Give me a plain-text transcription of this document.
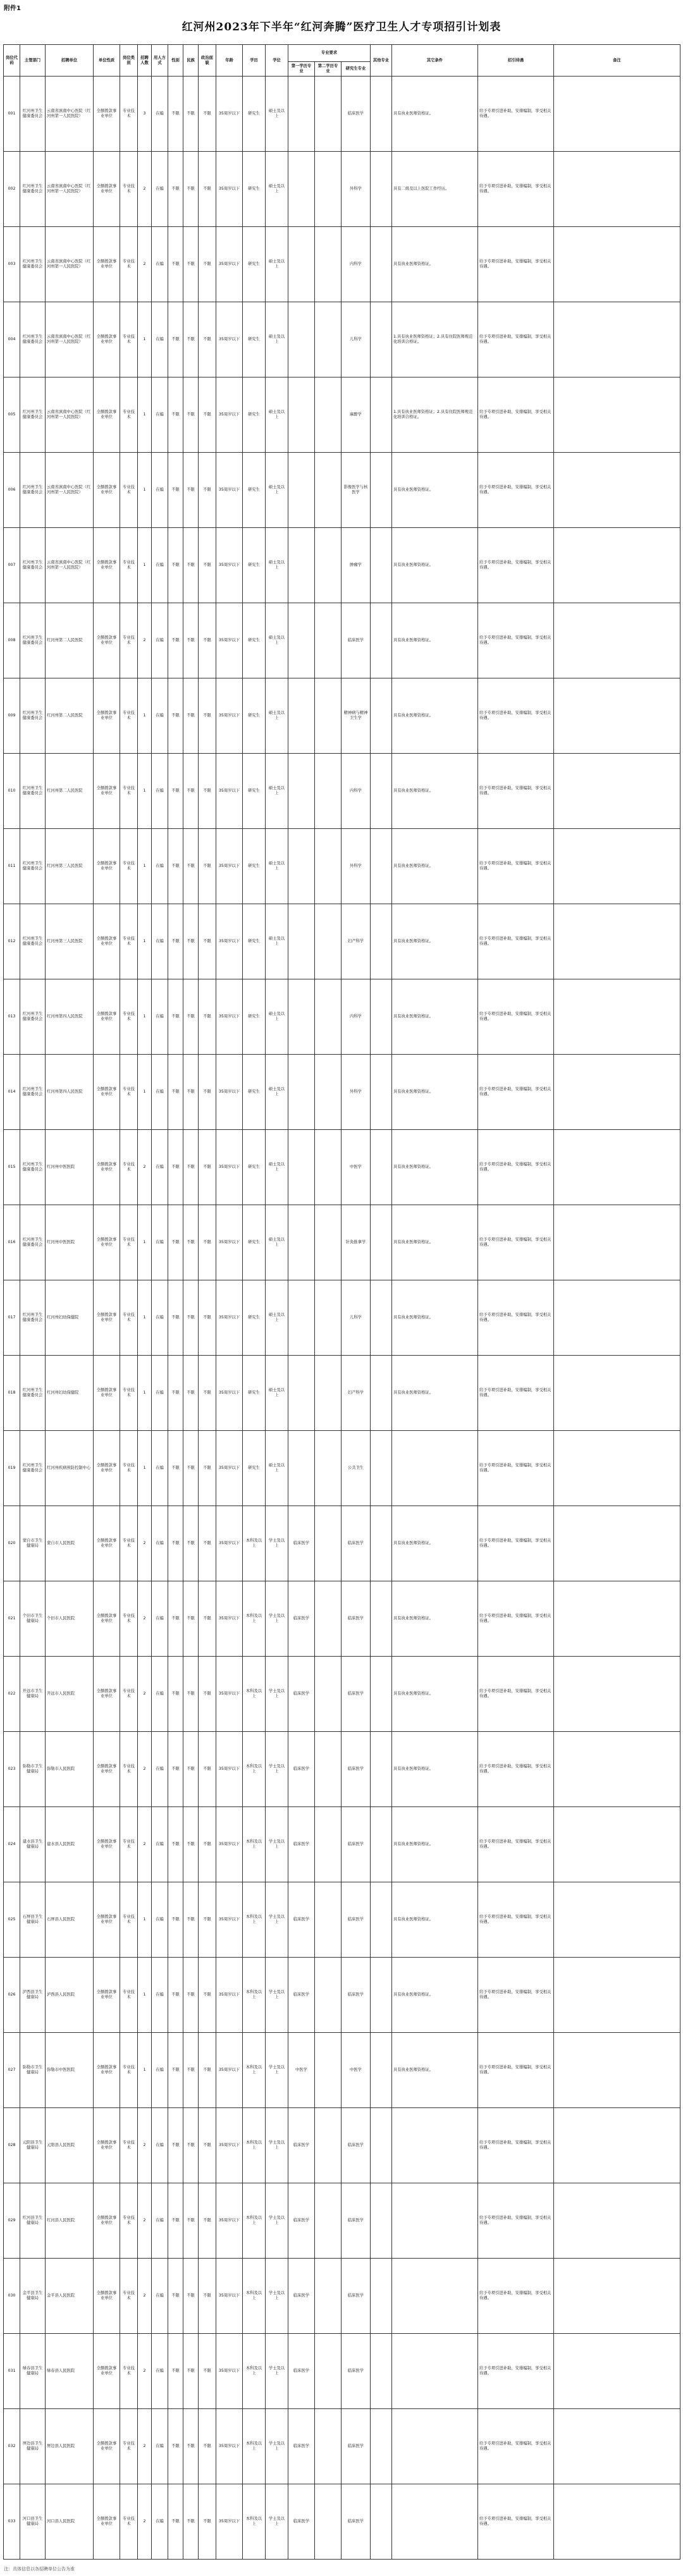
附件1
红河州2023年下半年“红河奔腾”医疗卫生人才专项招引计划表
岗位代码	主管部门	招聘单位	单位性质	岗位类别	招聘人数	用人方式	性别	民族	政治面貌	年龄	学历	学位	专业要求			其他专业	其它条件	招引待遇	备注
													第一学历专业	第二学历专业	研究生专业				
001	红河州卫生健康委员会	云南省滇南中心医院（红河州第一人民医院）	全额拨款事业单位	专业技术	3	在编	不限	不限	不限	35周岁以下	研究生	硕士及以上			临床医学		具有执业医师资格证。	给予专项引进补助，安排编制，享受相关待遇。	
002	红河州卫生健康委员会	云南省滇南中心医院（红河州第一人民医院）	全额拨款事业单位	专业技术	2	在编	不限	不限	不限	35周岁以下	研究生	硕士及以上			外科学		具有二级及以上医院工作经历。	给予专项引进补助，安排编制，享受相关待遇。	
003	红河州卫生健康委员会	云南省滇南中心医院（红河州第一人民医院）	全额拨款事业单位	专业技术	2	在编	不限	不限	不限	35周岁以下	研究生	硕士及以上			内科学		具有执业医师资格证。	给予专项引进补助，安排编制，享受相关待遇。	
004	红河州卫生健康委员会	云南省滇南中心医院（红河州第一人民医院）	全额拨款事业单位	专业技术	1	在编	不限	不限	不限	35周岁以下	研究生	硕士及以上			儿科学		1.具有执业医师资格证；2.具有住院医师规范化培训合格证。	给予专项引进补助，安排编制，享受相关待遇。	
005	红河州卫生健康委员会	云南省滇南中心医院（红河州第一人民医院）	全额拨款事业单位	专业技术	1	在编	不限	不限	不限	35周岁以下	研究生	硕士及以上			麻醉学		1.具有执业医师资格证；2.具有住院医师规范化培训合格证。	给予专项引进补助，安排编制，享受相关待遇。	
006	红河州卫生健康委员会	云南省滇南中心医院（红河州第一人民医院）	全额拨款事业单位	专业技术	1	在编	不限	不限	不限	35周岁以下	研究生	硕士及以上			影像医学与核医学		具有执业医师资格证。	给予专项引进补助，安排编制，享受相关待遇。	
007	红河州卫生健康委员会	云南省滇南中心医院（红河州第一人民医院）	全额拨款事业单位	专业技术	1	在编	不限	不限	不限	35周岁以下	研究生	硕士及以上			肿瘤学		具有执业医师资格证。	给予专项引进补助，安排编制，享受相关待遇。	
008	红河州卫生健康委员会	红河州第二人民医院	全额拨款事业单位	专业技术	2	在编	不限	不限	不限	35周岁以下	研究生	硕士及以上			临床医学		具有执业医师资格证。	给予专项引进补助，安排编制，享受相关待遇。	
009	红河州卫生健康委员会	红河州第二人民医院	全额拨款事业单位	专业技术	1	在编	不限	不限	不限	35周岁以下	研究生	硕士及以上			精神病与精神卫生学		具有执业医师资格证。	给予专项引进补助，安排编制，享受相关待遇。	
010	红河州卫生健康委员会	红河州第二人民医院	全额拨款事业单位	专业技术	1	在编	不限	不限	不限	35周岁以下	研究生	硕士及以上			内科学		具有执业医师资格证。	给予专项引进补助，安排编制，享受相关待遇。	
011	红河州卫生健康委员会	红河州第三人民医院	全额拨款事业单位	专业技术	1	在编	不限	不限	不限	35周岁以下	研究生	硕士及以上			外科学		具有执业医师资格证。	给予专项引进补助，安排编制，享受相关待遇。	
012	红河州卫生健康委员会	红河州第三人民医院	全额拨款事业单位	专业技术	1	在编	不限	不限	不限	35周岁以下	研究生	硕士及以上			妇产科学		具有执业医师资格证。	给予专项引进补助，安排编制，享受相关待遇。	
013	红河州卫生健康委员会	红河州第四人民医院	全额拨款事业单位	专业技术	1	在编	不限	不限	不限	35周岁以下	研究生	硕士及以上			内科学		具有执业医师资格证。	给予专项引进补助，安排编制，享受相关待遇。	
014	红河州卫生健康委员会	红河州第四人民医院	全额拨款事业单位	专业技术	1	在编	不限	不限	不限	35周岁以下	研究生	硕士及以上			外科学		具有执业医师资格证。	给予专项引进补助，安排编制，享受相关待遇。	
015	红河州卫生健康委员会	红河州中医医院	全额拨款事业单位	专业技术	2	在编	不限	不限	不限	35周岁以下	研究生	硕士及以上			中医学		具有执业医师资格证。	给予专项引进补助，安排编制，享受相关待遇。	
016	红河州卫生健康委员会	红河州中医医院	全额拨款事业单位	专业技术	1	在编	不限	不限	不限	35周岁以下	研究生	硕士及以上			针灸推拿学		具有执业医师资格证。	给予专项引进补助，安排编制，享受相关待遇。	
017	红河州卫生健康委员会	红河州妇幼保健院	全额拨款事业单位	专业技术	1	在编	不限	不限	不限	35周岁以下	研究生	硕士及以上			儿科学		具有执业医师资格证。	给予专项引进补助，安排编制，享受相关待遇。	
018	红河州卫生健康委员会	红河州妇幼保健院	全额拨款事业单位	专业技术	1	在编	不限	不限	不限	35周岁以下	研究生	硕士及以上			妇产科学		具有执业医师资格证。	给予专项引进补助，安排编制，享受相关待遇。	
019	红河州卫生健康委员会	红河州疾病预防控制中心	全额拨款事业单位	专业技术	1	在编	不限	不限	不限	35周岁以下	研究生	硕士及以上			公共卫生			给予专项引进补助，安排编制，享受相关待遇。	
020	蒙自市卫生健康局	蒙自市人民医院	全额拨款事业单位	专业技术	2	在编	不限	不限	不限	35周岁以下	本科及以上	学士及以上	临床医学		临床医学		具有执业医师资格证。	给予专项引进补助，安排编制，享受相关待遇。	
021	个旧市卫生健康局	个旧市人民医院	全额拨款事业单位	专业技术	2	在编	不限	不限	不限	35周岁以下	本科及以上	学士及以上	临床医学		临床医学		具有执业医师资格证。	给予专项引进补助，安排编制，享受相关待遇。	
022	开远市卫生健康局	开远市人民医院	全额拨款事业单位	专业技术	2	在编	不限	不限	不限	35周岁以下	本科及以上	学士及以上	临床医学		临床医学		具有执业医师资格证。	给予专项引进补助，安排编制，享受相关待遇。	
023	弥勒市卫生健康局	弥勒市人民医院	全额拨款事业单位	专业技术	2	在编	不限	不限	不限	35周岁以下	本科及以上	学士及以上	临床医学		临床医学		具有执业医师资格证。	给予专项引进补助，安排编制，享受相关待遇。	
024	建水县卫生健康局	建水县人民医院	全额拨款事业单位	专业技术	2	在编	不限	不限	不限	35周岁以下	本科及以上	学士及以上	临床医学		临床医学		具有执业医师资格证。	给予专项引进补助，安排编制，享受相关待遇。	
025	石屏县卫生健康局	石屏县人民医院	全额拨款事业单位	专业技术	1	在编	不限	不限	不限	35周岁以下	本科及以上	学士及以上	临床医学		临床医学		具有执业医师资格证。	给予专项引进补助，安排编制，享受相关待遇。	
026	泸西县卫生健康局	泸西县人民医院	全额拨款事业单位	专业技术	1	在编	不限	不限	不限	35周岁以下	本科及以上	学士及以上	临床医学		临床医学		具有执业医师资格证。	给予专项引进补助，安排编制，享受相关待遇。	
027	弥勒市卫生健康局	弥勒市中医医院	全额拨款事业单位	专业技术	1	在编	不限	不限	不限	35周岁以下	本科及以上	学士及以上	中医学		中医学		具有执业医师资格证。	给予专项引进补助，安排编制，享受相关待遇。	
028	元阳县卫生健康局	元阳县人民医院	全额拨款事业单位	专业技术	2	在编	不限	不限	不限	35周岁以下	本科及以上	学士及以上	临床医学		临床医学			给予专项引进补助，安排编制，享受相关待遇。	
029	红河县卫生健康局	红河县人民医院	全额拨款事业单位	专业技术	2	在编	不限	不限	不限	35周岁以下	本科及以上	学士及以上	临床医学		临床医学			给予专项引进补助，安排编制，享受相关待遇。	
030	金平县卫生健康局	金平县人民医院	全额拨款事业单位	专业技术	2	在编	不限	不限	不限	35周岁以下	本科及以上	学士及以上	临床医学		临床医学			给予专项引进补助，安排编制，享受相关待遇。	
031	绿春县卫生健康局	绿春县人民医院	全额拨款事业单位	专业技术	2	在编	不限	不限	不限	35周岁以下	本科及以上	学士及以上	临床医学		临床医学			给予专项引进补助，安排编制，享受相关待遇。	
032	屏边县卫生健康局	屏边县人民医院	全额拨款事业单位	专业技术	2	在编	不限	不限	不限	35周岁以下	本科及以上	学士及以上	临床医学		临床医学			给予专项引进补助，安排编制，享受相关待遇。	
033	河口县卫生健康局	河口县人民医院	全额拨款事业单位	专业技术	2	在编	不限	不限	不限	35周岁以下	本科及以上	学士及以上	临床医学		临床医学			给予专项引进补助，安排编制，享受相关待遇。	
注：具体信息以各招聘单位公告为准
